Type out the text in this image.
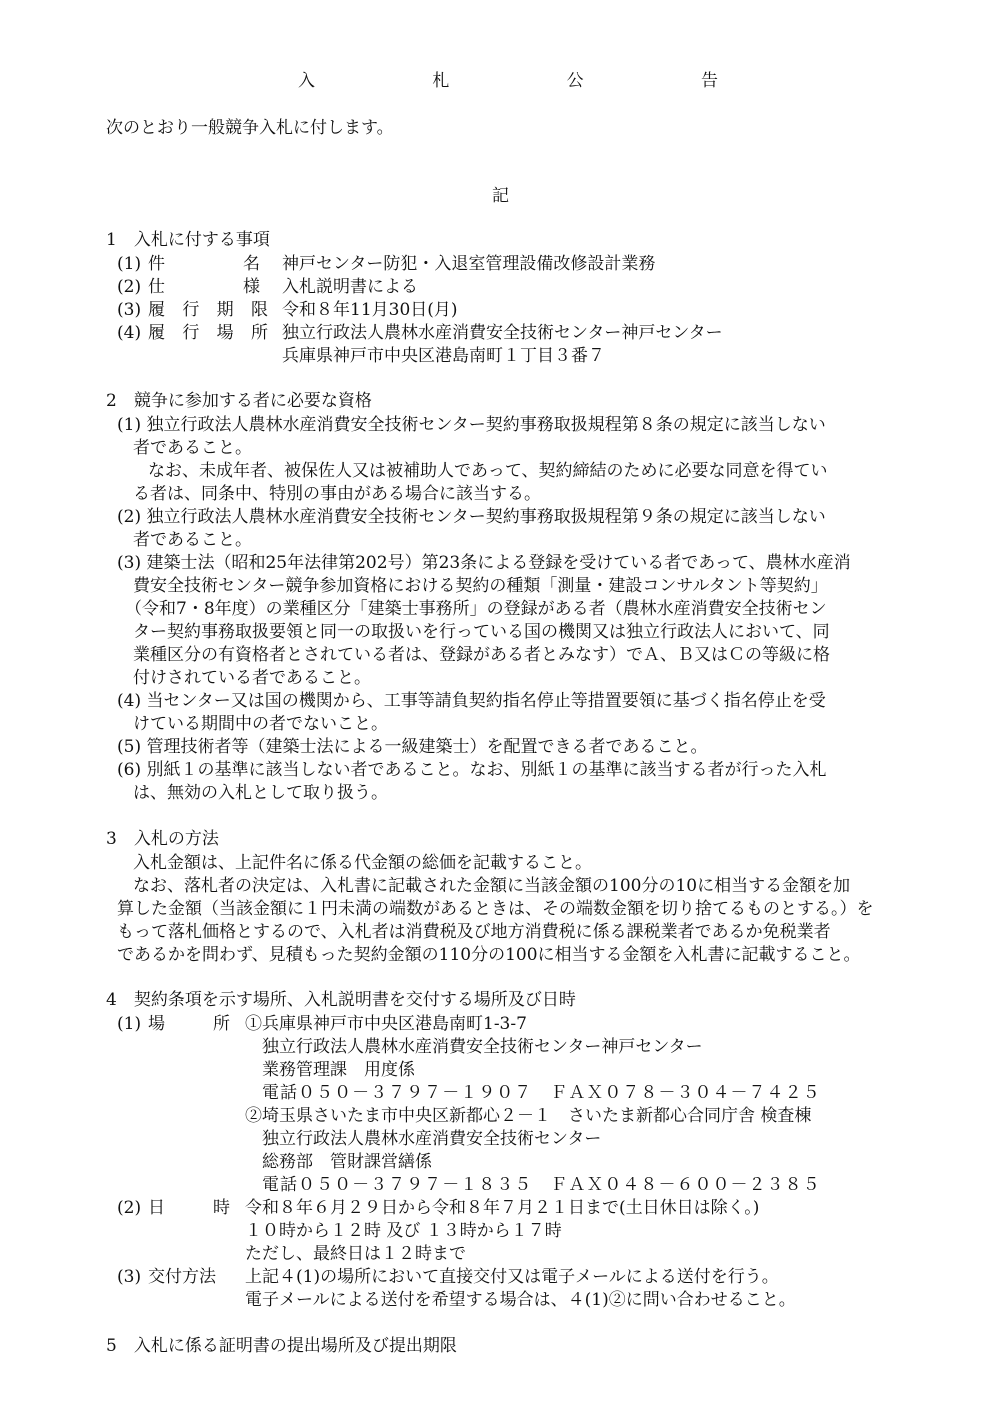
入	札	公	告
次のとおり一般競争入札に付します。
記
1　入札に付する事項
(1) 件	名 神戸センター防犯・入退室管理設備改修設計業務
(2) 仕	様 入札説明書による
(3) 履 行 期 限 令和８年11月30日(月)
(4) 履 行 場 所 独立行政法人農林水産消費安全技術センター神戸センター
兵庫県神戸市中央区港島南町１丁目３番７
2　競争に参加する者に必要な資格
(1) 独立行政法人農林水産消費安全技術センター契約事務取扱規程第８条の規定に該当しない
者であること。
なお、未成年者、被保佐人又は被補助人であって、契約締結のために必要な同意を得てい
る者は、同条中、特別の事由がある場合に該当する。
(2) 独立行政法人農林水産消費安全技術センター契約事務取扱規程第９条の規定に該当しない
者であること。
(3) 建築士法（昭和25年法律第202号）第23条による登録を受けている者であって、農林水産消
費安全技術センター競争参加資格における契約の種類「測量・建設コンサルタント等契約」
（令和7・8年度）の業種区分「建築士事務所」の登録がある者（農林水産消費安全技術セン
ター契約事務取扱要領と同一の取扱いを行っている国の機関又は独立行政法人において、同
業種区分の有資格者とされている者は、登録がある者とみなす）でＡ、Ｂ又はＣの等級に格
付けされている者であること。
(4) 当センター又は国の機関から、工事等請負契約指名停止等措置要領に基づく指名停止を受
けている期間中の者でないこと。
(5) 管理技術者等（建築士法による一級建築士）を配置できる者であること。
(6) 別紙１の基準に該当しない者であること。なお、別紙１の基準に該当する者が行った入札
は、無効の入札として取り扱う。
3　入札の方法
入札金額は、上記件名に係る代金額の総価を記載すること。
なお、落札者の決定は、入札書に記載された金額に当該金額の100分の10に相当する金額を加
算した金額（当該金額に１円未満の端数があるときは、その端数金額を切り捨てるものとする。）を
もって落札価格とするので、入札者は消費税及び地方消費税に係る課税業者であるか免税業者
であるかを問わず、見積もった契約金額の110分の100に相当する金額を入札書に記載すること。
4　契約条項を示す場所、入札説明書を交付する場所及び日時
(1) 場	所 ①兵庫県神戸市中央区港島南町1-3-7
独立行政法人農林水産消費安全技術センター神戸センター
業務管理課　用度係
電話０５０－３７９７－１９０７　ＦＡＸ０７８－３０４－７４２５
②埼玉県さいたま市中央区新都心２－１　さいたま新都心合同庁舎 検査棟
独立行政法人農林水産消費安全技術センター
総務部　管財課営繕係
電話０５０－３７９７－１８３５　ＦＡＸ０４８－６００－２３８５
(2) 日	時 令和８年６月２９日から令和８年７月２１日まで(土日休日は除く。)
１０時から１２時 及び １３時から１７時
ただし、最終日は１２時まで
(3) 交付方法 上記４(1)の場所において直接交付又は電子メールによる送付を行う。
電子メールによる送付を希望する場合は、４(1)②に問い合わせること。
5　入札に係る証明書の提出場所及び提出期限
